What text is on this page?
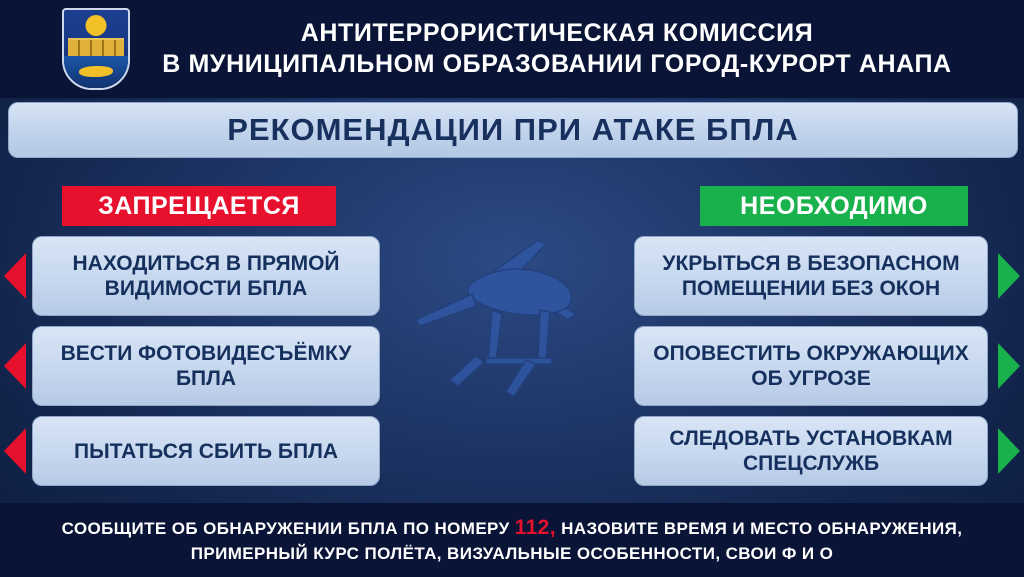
АНТИТЕРРОРИСТИЧЕСКАЯ КОМИССИЯ
В МУНИЦИПАЛЬНОМ ОБРАЗОВАНИИ ГОРОД-КУРОРТ АНАПА
РЕКОМЕНДАЦИИ ПРИ АТАКЕ БПЛА
ЗАПРЕЩАЕТСЯ	НЕОБХОДИМО
НАХОДИТЬСЯ В ПРЯМОЙ ВИДИМОСТИ БПЛА
ВЕСТИ ФОТОВИДЕСЪЁМКУ БПЛА
ПЫТАТЬСЯ СБИТЬ БПЛА
УКРЫТЬСЯ В БЕЗОПАСНОМ ПОМЕЩЕНИИ БЕЗ ОКОН
ОПОВЕСТИТЬ ОКРУЖАЮЩИХ ОБ УГРОЗЕ
СЛЕДОВАТЬ УСТАНОВКАМ СПЕЦСЛУЖБ
СООБЩИТЕ ОБ ОБНАРУЖЕНИИ БПЛА ПО НОМЕРУ 112, НАЗОВИТЕ ВРЕМЯ И МЕСТО ОБНАРУЖЕНИЯ,
ПРИМЕРНЫЙ КУРС ПОЛЁТА, ВИЗУАЛЬНЫЕ ОСОБЕННОСТИ, СВОИ Ф И О
